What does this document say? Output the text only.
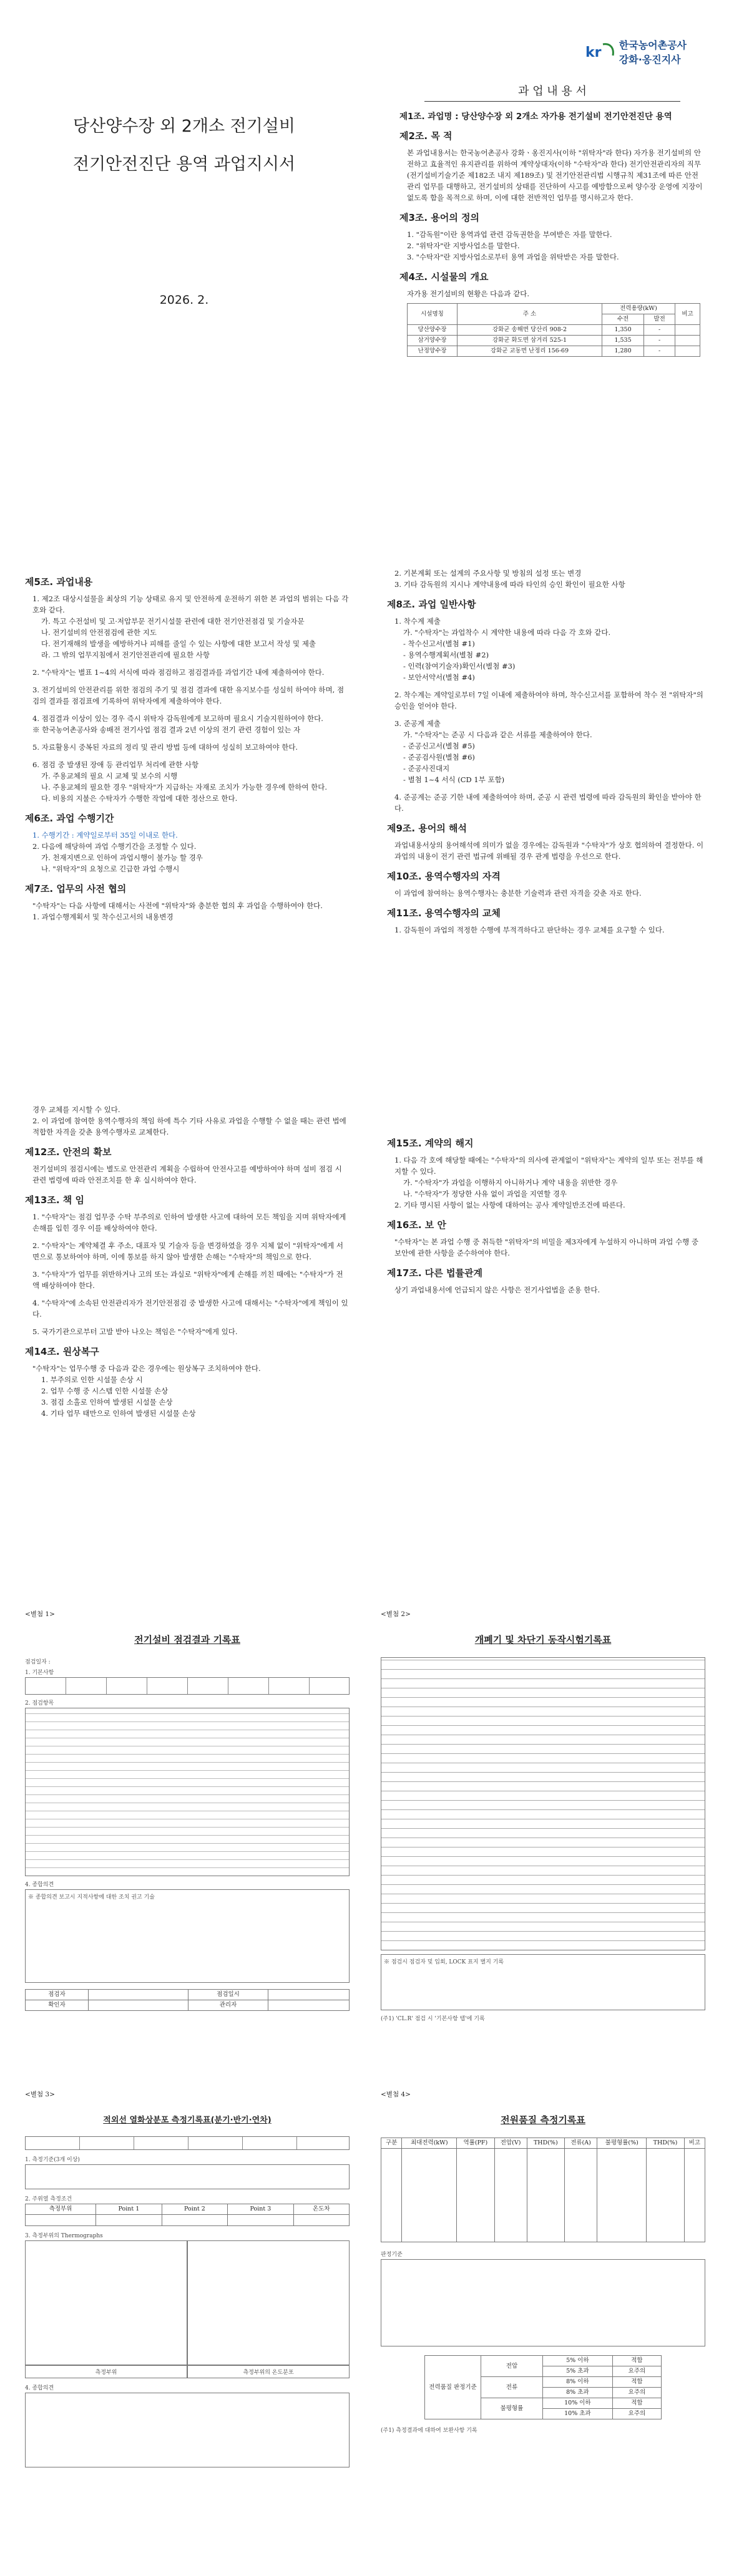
당산양수장 외 2개소 전기설비
전기안전진단 용역 과업지시서
2026. 2.
kr 한국농어촌공사
강화·옹진지사
과 업 내 용 서
제1조. 과업명 : 당산양수장 외 2개소 자가용 전기설비 전기안전진단 용역
제2조. 목 적
본 과업내용서는 한국농어촌공사 강화ㆍ옹진지사(이하 "위탁자"라 한다) 자가용 전기설비의 안전하고 효율적인 유지관리를 위하여 계약상대자(이하 "수탁자"라 한다) 전기안전관리자의 직무(전기설비기술기준 제182조 내지 제189조) 및 전기안전관리법 시행규칙 제31조에 따른 안전관리 업무를 대행하고, 전기설비의 상태를 진단하여 사고를 예방함으로써 양수장 운영에 지장이 없도록 함을 목적으로 하며, 이에 대한 전반적인 업무를 명시하고자 한다.
제3조. 용어의 정의
1. "감독원"이란 용역과업 관련 감독권한을 부여받은 자를 말한다.
2. "위탁자"란 지방사업소를 말한다.
3. "수탁자"란 지방사업소로부터 용역 과업을 위탁받은 자를 말한다.
제4조. 시설물의 개요
자가용 전기설비의 현황은 다음과 같다.
시설명칭	주 소	전력용량(kW)		비고
		수전	발전	
당산양수장	강화군 송해면 당산리 908-2	1,350	-	
삼거양수장	강화군 화도면 삼거리 525-1	1,535	-	
난정양수장	강화군 교동면 난정리 156-69	1,280	-	
제5조. 과업내용
1. 제2조 대상시설물을 최상의 기능 상태로 유지 및 안전하게 운전하기 위한 본 과업의 범위는 다음 각 호와 같다.
가. 특고 수전설비 및 고·저압부문 전기시설물 관련에 대한 전기안전점검 및 기술자문
나. 전기설비의 안전점검에 관한 지도
다. 전기재해의 발생을 예방하거나 피해를 줄일 수 있는 사항에 대한 보고서 작성 및 제출
라. 그 밖의 업무지침에서 전기안전관리에 필요한 사항
2. "수탁자"는 별표 1~4의 서식에 따라 점검하고 점검결과를 과업기간 내에 제출하여야 한다.
3. 전기설비의 안전관리를 위한 점검의 주기 및 점검 결과에 대한 유지보수를 성실히 하여야 하며, 점검의 결과를 점검표에 기록하여 위탁자에게 제출하여야 한다.
4. 점검결과 이상이 있는 경우 즉시 위탁자 감독원에게 보고하며 필요시 기술지원하여야 한다.
※ 한국농어촌공사와 송배전 전기사업 점검 결과 2년 이상의 전기 관련 경험이 있는 자
5. 자료활용시 중복된 자료의 정리 및 관리 방법 등에 대하여 성실히 보고하여야 한다.
6. 점검 중 발생된 장애 등 관리업무 처리에 관한 사항
가. 주용교체의 필요 시 교체 및 보수의 시행
나. 주용교체의 필요한 경우 "위탁자"가 지급하는 자재로 조치가 가능한 경우에 한하여 한다.
다. 비용의 지불은 수탁자가 수행한 작업에 대한 정산으로 한다.
제6조. 과업 수행기간
1. 수행기간 : 계약일로부터 35일 이내로 한다.
2. 다음에 해당하여 과업 수행기간을 조정할 수 있다.
가. 천재지변으로 인하여 과업시행이 불가능 할 경우
나. "위탁자"의 요청으로 긴급한 과업 수행시
제7조. 업무의 사전 협의
"수탁자"는 다음 사항에 대해서는 사전에 "위탁자"와 충분한 협의 후 과업을 수행하여야 한다.
1. 과업수행계획서 및 착수신고서의 내용변경
2. 기본계획 또는 설계의 주요사항 및 방침의 설정 또는 변경
3. 기타 감독원의 지시나 계약내용에 따라 타인의 승인 확인이 필요한 사항
제8조. 과업 일반사항
1. 착수계 제출
가. "수탁자"는 과업착수 시 계약한 내용에 따라 다음 각 호와 같다.
- 착수신고서(별첨 #1)
- 용역수행계획서(별첨 #2)
- 인력(참여기술자)확인서(별첨 #3)
- 보안서약서(별첨 #4)
2. 착수계는 계약일로부터 7일 이내에 제출하여야 하며, 착수신고서를 포함하여 착수 전 "위탁자"의 승인을 얻어야 한다.
3. 준공계 제출
가. "수탁자"는 준공 시 다음과 같은 서류를 제출하여야 한다.
- 준공신고서(별첨 #5)
- 준공검사원(별첨 #6)
- 준공사진대지
- 별첨 1~4 서식 (CD 1부 포함)
4. 준공계는 준공 기한 내에 제출하여야 하며, 준공 시 관련 법령에 따라 감독원의 확인을 받아야 한다.
제9조. 용어의 해석
과업내용서상의 용어해석에 의미가 없을 경우에는 감독원과 "수탁자"가 상호 협의하여 결정한다. 이 과업의 내용이 전기 관련 법규에 위배될 경우 관계 법령을 우선으로 한다.
제10조. 용역수행자의 자격
이 과업에 참여하는 용역수행자는 충분한 기술력과 관련 자격을 갖춘 자로 한다.
제11조. 용역수행자의 교체
1. 감독원이 과업의 적정한 수행에 부적격하다고 판단하는 경우 교체를 요구할 수 있다.
경우 교체를 지시할 수 있다.
2. 이 과업에 참여한 용역수행자의 책임 하에 특수 기타 사유로 과업을 수행할 수 없을 때는 관련 법에 적합한 자격을 갖춘 용역수행자로 교체한다.
제12조. 안전의 확보
전기설비의 점검시에는 별도로 안전관리 계획을 수립하여 안전사고를 예방하여야 하며 설비 점검 시 관련 법령에 따라 안전조치를 한 후 실시하여야 한다.
제13조. 책 임
1. "수탁자"는 점검 업무중 수탁 부주의로 인하여 발생한 사고에 대하여 모든 책임을 지며 위탁자에게 손해를 입힌 경우 이를 배상하여야 한다.
2. "수탁자"는 계약체결 후 주소, 대표자 및 기술자 등을 변경하였을 경우 지체 없이 "위탁자"에게 서면으로 통보하여야 하며, 이에 통보를 하지 않아 발생한 손해는 "수탁자"의 책임으로 한다.
3. "수탁자"가 업무를 위반하거나 고의 또는 과실로 "위탁자"에게 손해를 끼친 때에는 "수탁자"가 전액 배상하여야 한다.
4. "수탁자"에 소속된 안전관리자가 전기안전점검 중 발생한 사고에 대해서는 "수탁자"에게 책임이 있다.
5. 국가기관으로부터 고발 받아 나오는 책임은 "수탁자"에게 있다.
제14조. 원상복구
"수탁자"는 업무수행 중 다음과 같은 경우에는 원상복구 조치하여야 한다.
1. 부주의로 인한 시설물 손상 시
2. 업무 수행 중 시스템 인한 시설물 손상
3. 점검 소홀로 인하여 발생된 시설물 손상
4. 기타 업무 태만으로 인하여 발생된 시설물 손상
제15조. 계약의 해지
1. 다음 각 호에 해당할 때에는 "수탁자"의 의사에 관계없이 "위탁자"는 계약의 일부 또는 전부를 해지할 수 있다.
가. "수탁자"가 과업을 이행하지 아니하거나 계약 내용을 위반한 경우
나. "수탁자"가 정당한 사유 없이 과업을 지연할 경우
2. 기타 명시된 사항이 없는 사항에 대하여는 공사 계약일반조건에 따른다.
제16조. 보 안
"수탁자"는 본 과업 수행 중 취득한 "위탁자"의 비밀을 제3자에게 누설하지 아니하며 과업 수행 중 보안에 관한 사항을 준수하여야 한다.
제17조. 다른 법률관계
상기 과업내용서에 언급되지 않은 사항은 전기사업법을 준용 한다.
<별첨 1>
전기설비 점검결과 기록표
점검일자 :
1. 기본사항
2. 점검항목
4. 종합의견
※ 종합의견 보고시 지적사항에 대한 조치 권고 기술
점검자		점검일시	
확인자		관리자	
<별첨 2>
개폐기 및 차단기 동작시험기록표
※ 점검시 점검자 및 입회, LOCK 표지 별지 기록
(주1) 'CL.R' 점검 시 '기본사항 탭'에 기록
<별첨 3>
적외선 열화상분포 측정기록표(분기·반기·연차)
1. 측정기준(3개 이상)
2. 주위열 측정조건
측정부위	Point 1	Point 2	Point 3	온도차

3. 측정부위의 Thermographs
측정부위	측정부위의 온도분포
4. 종합의견
<별첨 4>
전원품질 측정기록표
구분	최대전력(kW)	역률(PF)	전압(V)	THD(%)	전류(A)	불평형률(%)	THD(%)	비고

판정기준
전력품질 판정기준	전압	5% 이하	적합
		5% 초과	요주의
	전류	8% 이하	적합
		8% 초과	요주의
	불평형률	10% 이하	적합
		10% 초과	요주의
(주1) 측정결과에 대하여 보완사항 기록
